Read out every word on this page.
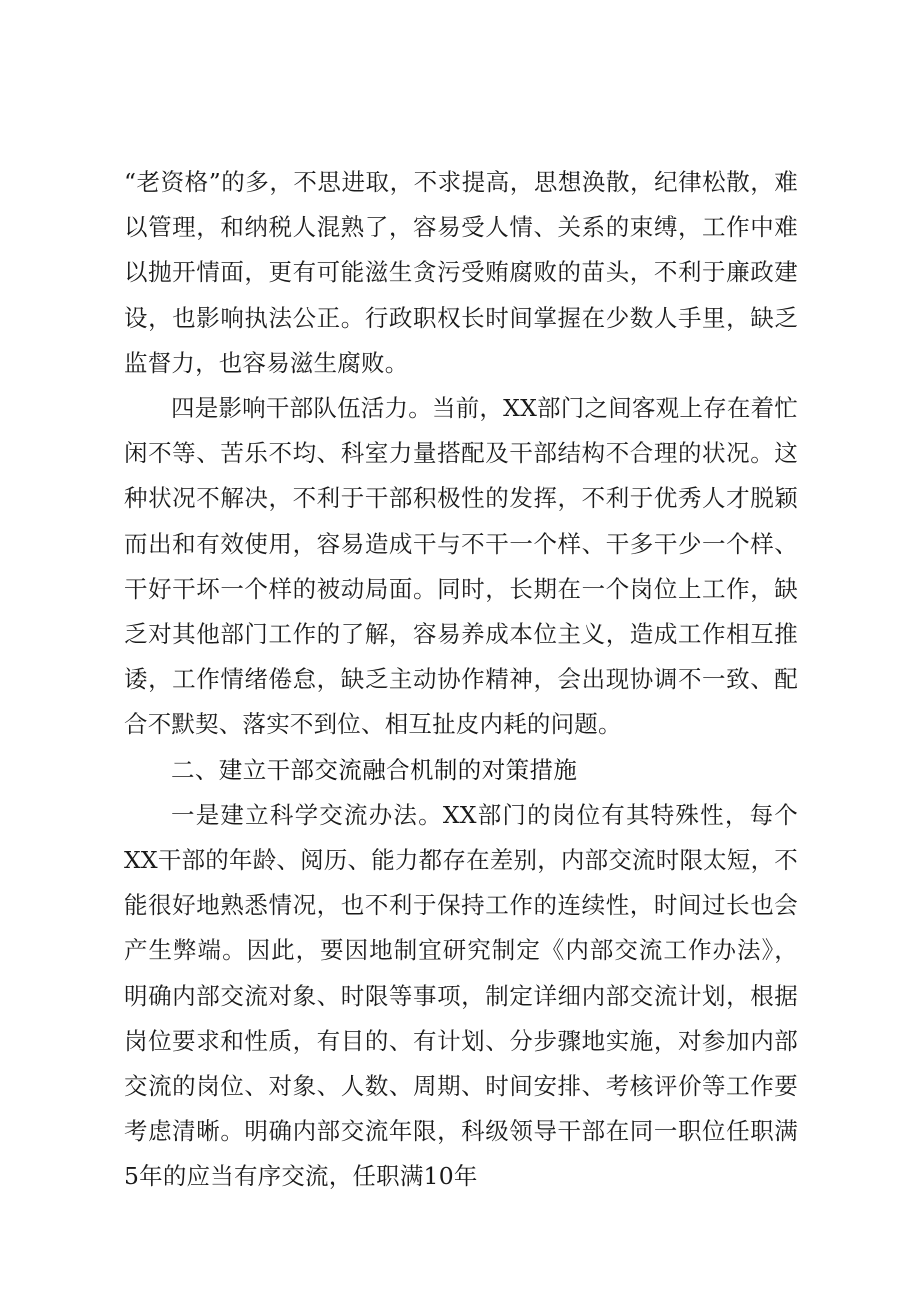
“老资格”的多，不思进取，不求提高，思想涣散，纪律松散，难以管理，和纳税人混熟了，容易受人情、关系的束缚，工作中难以抛开情面，更有可能滋生贪污受贿腐败的苗头，不利于廉政建设，也影响执法公正。行政职权长时间掌握在少数人手里，缺乏监督力，也容易滋生腐败。

四是影响干部队伍活力。当前，XX部门之间客观上存在着忙闲不等、苦乐不均、科室力量搭配及干部结构不合理的状况。这种状况不解决，不利于干部积极性的发挥，不利于优秀人才脱颖而出和有效使用，容易造成干与不干一个样、干多干少一个样、干好干坏一个样的被动局面。同时，长期在一个岗位上工作，缺乏对其他部门工作的了解，容易养成本位主义，造成工作相互推诿，工作情绪倦怠，缺乏主动协作精神，会出现协调不一致、配合不默契、落实不到位、相互扯皮内耗的问题。

二、建立干部交流融合机制的对策措施

一是建立科学交流办法。XX部门的岗位有其特殊性，每个XX干部的年龄、阅历、能力都存在差别，内部交流时限太短，不能很好地熟悉情况，也不利于保持工作的连续性，时间过长也会产生弊端。因此，要因地制宜研究制定《内部交流工作办法》，明确内部交流对象、时限等事项，制定详细内部交流计划，根据岗位要求和性质，有目的、有计划、分步骤地实施，对参加内部交流的岗位、对象、人数、周期、时间安排、考核评价等工作要考虑清晰。明确内部交流年限，科级领导干部在同一职位任职满5年的应当有序交流，任职满10年
